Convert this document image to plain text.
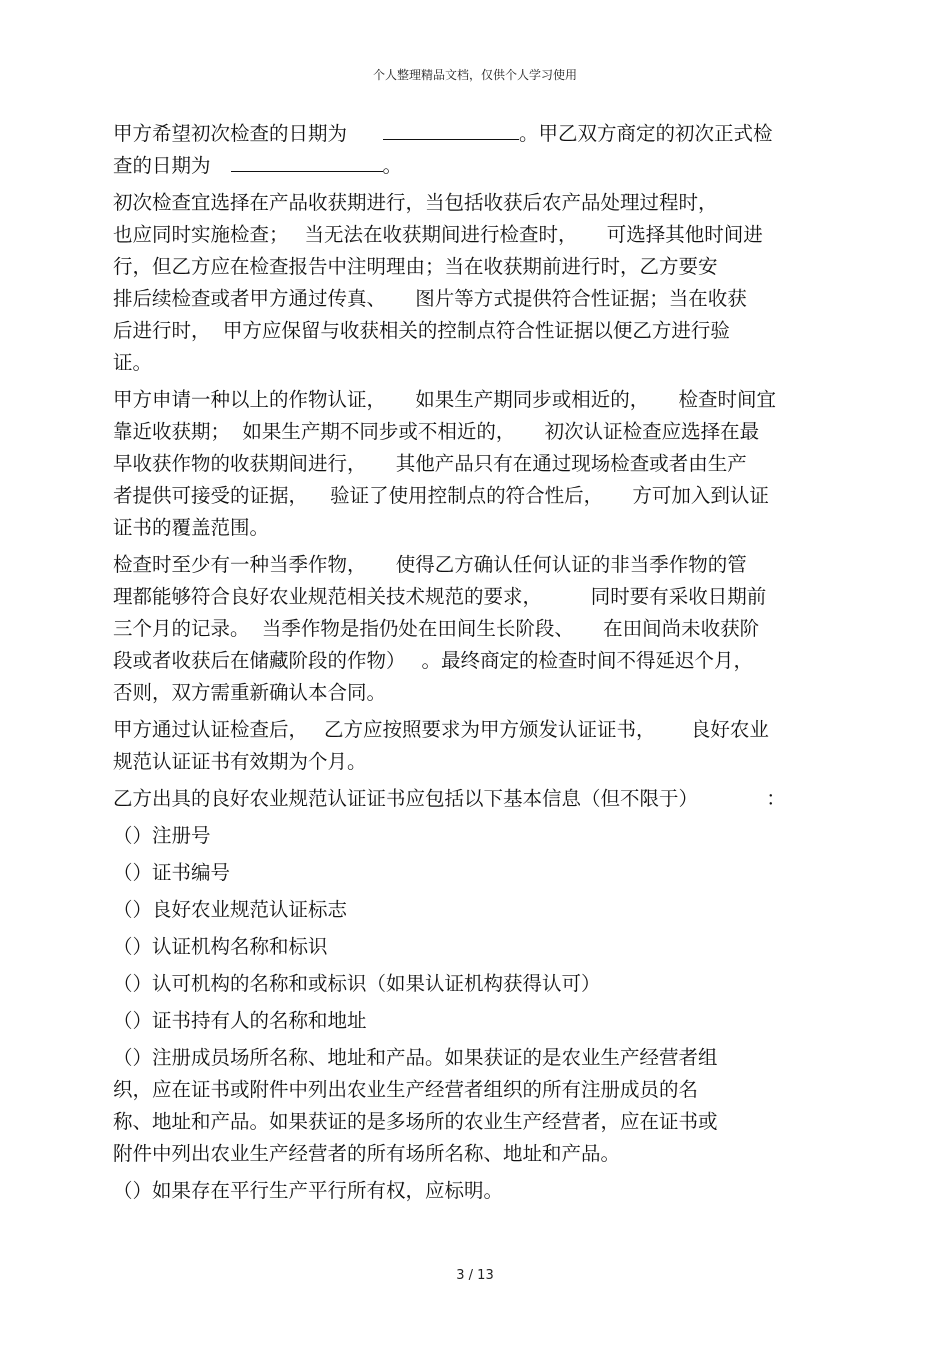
个人整理精品文档，仅供个人学习使用
甲方希望初次检查的日期为	。甲乙双方商定的初次正式检
查的日期为	。
初次检查宜选择在产品收获期进行，当包括收获后农产品处理过程时，
也应同时实施检查；　 当无法在收获期间进行检查时，　　可选择其他时间进
行，但乙方应在检查报告中注明理由；当在收获期前进行时，乙方要安
排后续检查或者甲方通过传真、　　图片等方式提供符合性证据；当在收获
后进行时，  甲方应保留与收获相关的控制点符合性证据以便乙方进行验
证。
甲方申请一种以上的作物认证，　　如果生产期同步或相近的，　　检查时间宜
靠近收获期；  如果生产期不同步或不相近的，　　初次认证检查应选择在最
早收获作物的收获期间进行，　　其他产品只有在通过现场检查或者由生产
者提供可接受的证据，　  验证了使用控制点的符合性后，　　方可加入到认证
证书的覆盖范围。
检查时至少有一种当季作物，　　使得乙方确认任何认证的非当季作物的管
理都能够符合良好农业规范相关技术规范的要求，　　　同时要有采收日期前
三个月的记录。  当季作物是指仍处在田间生长阶段、　　在田间尚未收获阶
段或者收获后在储藏阶段的作物）　 。最终商定的检查时间不得延迟个月，
否则，双方需重新确认本合同。
甲方通过认证检查后，　 乙方应按照要求为甲方颁发认证证书，　　 良好农业
规范认证证书有效期为个月。
乙方出具的良好农业规范认证证书应包括以下基本信息（但不限于）　　　　：
（）注册号
（）证书编号
（）良好农业规范认证标志
（）认证机构名称和标识
（）认可机构的名称和或标识（如果认证机构获得认可）
（）证书持有人的名称和地址
（）注册成员场所名称、地址和产品。如果获证的是农业生产经营者组
织，应在证书或附件中列出农业生产经营者组织的所有注册成员的名
称、地址和产品。如果获证的是多场所的农业生产经营者，应在证书或
附件中列出农业生产经营者的所有场所名称、地址和产品。
（）如果存在平行生产平行所有权，应标明。
3 / 13
